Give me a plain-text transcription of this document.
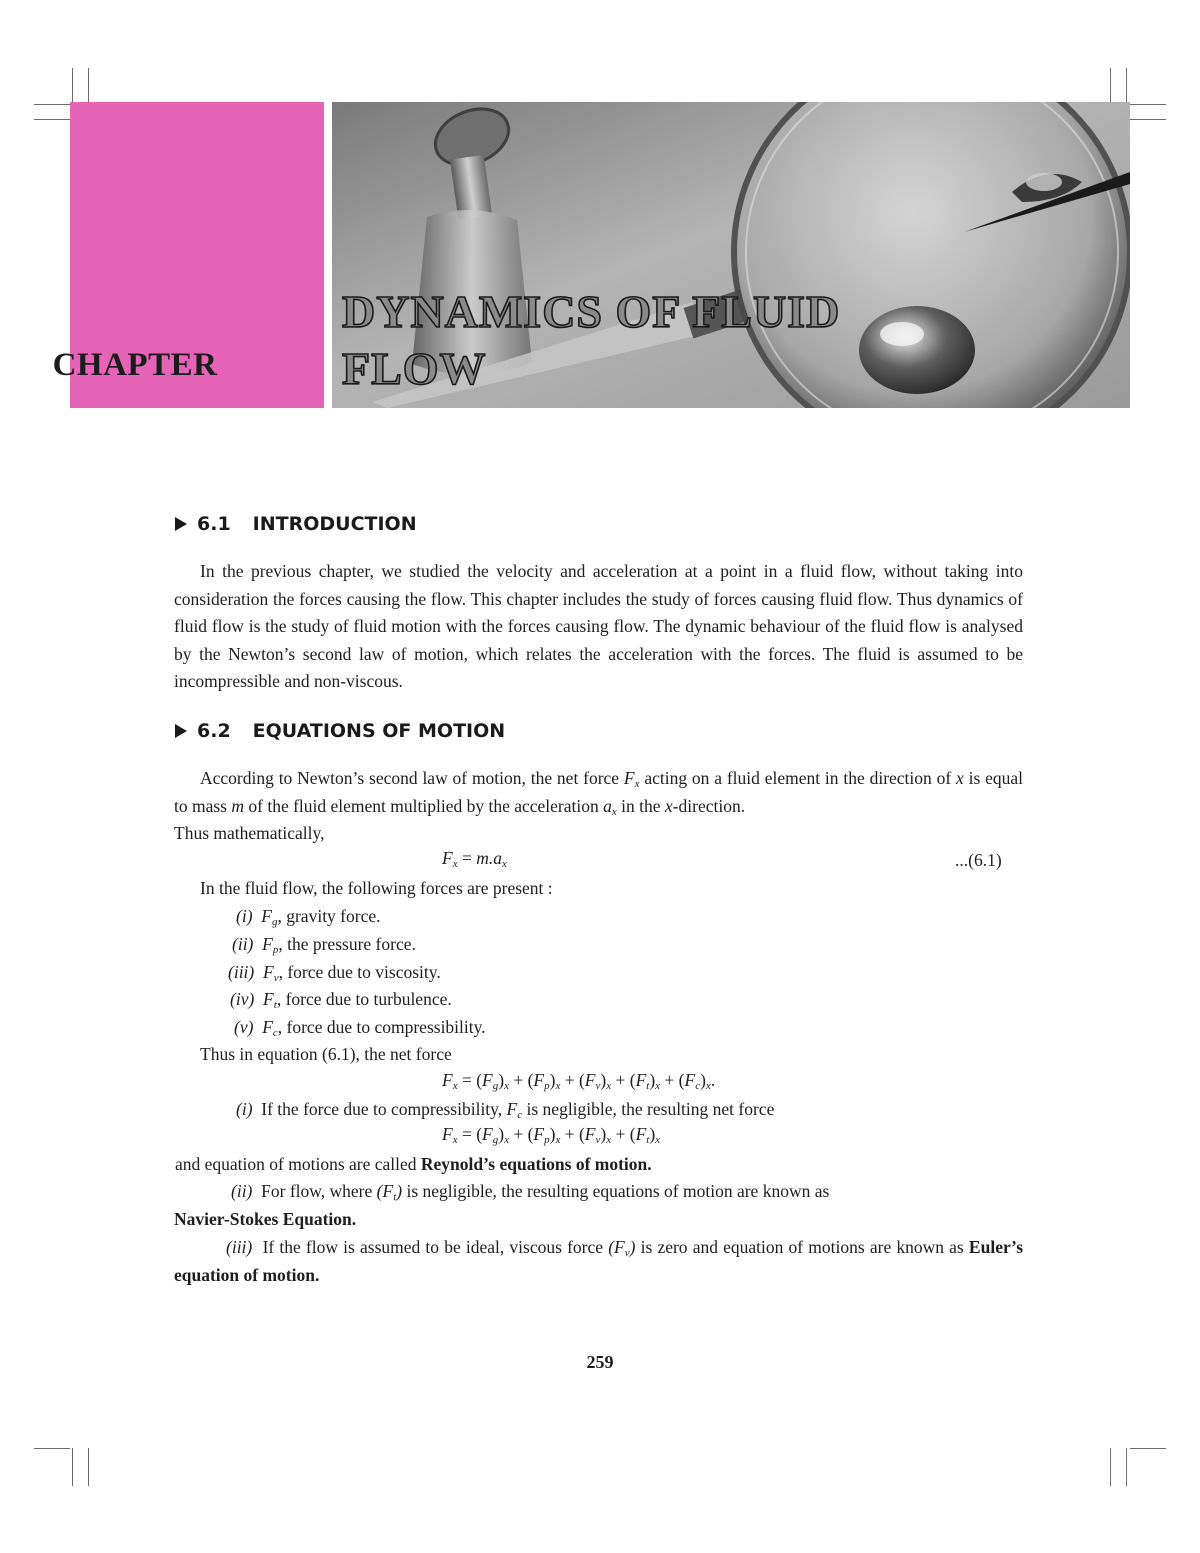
CHAPTER
DYNAMICS OF FLUID
FLOW
6.1 INTRODUCTION
In the previous chapter, we studied the velocity and acceleration at a point in a fluid flow, without taking into consideration the forces causing the flow. This chapter includes the study of forces causing fluid flow. Thus dynamics of fluid flow is the study of fluid motion with the forces causing flow. The dynamic behaviour of the fluid flow is analysed by the Newton’s second law of motion, which relates the acceleration with the forces. The fluid is assumed to be incompressible and non-viscous.
6.2 EQUATIONS OF MOTION
According to Newton’s second law of motion, the net force $F_x$ acting on a fluid element in the direction of x is equal to mass m of the fluid element multiplied by the acceleration $a_x$ in the x-direction.
Thus mathematically,
$F_x = m.a_x$	...(6.1)
In the fluid flow, the following forces are present :
(i) $F_g$, gravity force.
(ii) $F_p$, the pressure force.
(iii) $F_v$, force due to viscosity.
(iv) $F_t$, force due to turbulence.
(v) $F_c$, force due to compressibility.
Thus in equation (6.1), the net force
$F_x = (F_g)_x + (F_p)_x + (F_v)_x + (F_t)_x + (F_c)_x$.
(i)  If the force due to compressibility, $F_c$ is negligible, the resulting net force
$F_x = (F_g)_x + (F_p)_x + (F_v)_x + (F_t)_x$
and equation of motions are called Reynold’s equations of motion.
(ii) For flow, where $(F_t)$ is negligible, the resulting equations of motion are known as
Navier-Stokes Equation.
(iii) If the flow is assumed to be ideal, viscous force $(F_v)$ is zero and equation of motions are known as Euler’s equation of motion.
259
